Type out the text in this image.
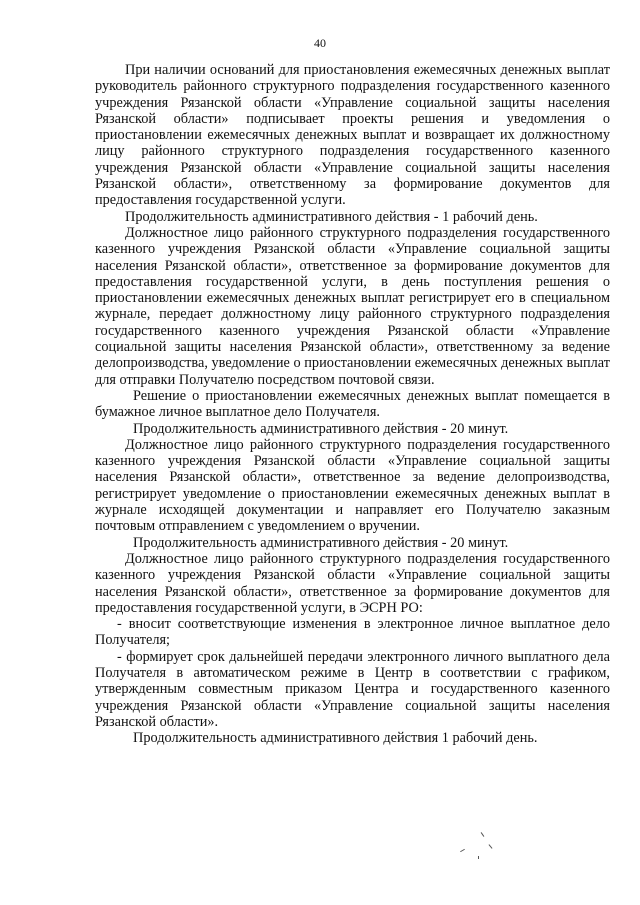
40

При наличии оснований для приостановления ежемесячных денежных выплат руководитель районного структурного подразделения государственного казенного учреждения Рязанской области «Управление социальной защиты населения Рязанской области» подписывает проекты решения и уведомления о приостановлении ежемесячных денежных выплат и возвращает их должностному лицу районного структурного подразделения государственного казенного учреждения Рязанской области «Управление социальной защиты населения Рязанской области», ответственному за формирование документов для предоставления государственной услуги.

Продолжительность административного действия - 1 рабочий день.

Должностное лицо районного структурного подразделения государственного казенного учреждения Рязанской области «Управление социальной защиты населения Рязанской области», ответственное за формирование документов для предоставления государственной услуги, в день поступления решения о приостановлении ежемесячных денежных выплат регистрирует его в специальном журнале, передает должностному лицу районного структурного подразделения государственного казенного учреждения Рязанской области «Управление социальной защиты населения Рязанской области», ответственному за ведение делопроизводства, уведомление о приостановлении ежемесячных денежных выплат для отправки Получателю посредством почтовой связи.

Решение о приостановлении ежемесячных денежных выплат помещается в бумажное личное выплатное дело Получателя.

Продолжительность административного действия - 20 минут.

Должностное лицо районного структурного подразделения государственного казенного учреждения Рязанской области «Управление социальной защиты населения Рязанской области», ответственное за ведение делопроизводства, регистрирует уведомление о приостановлении ежемесячных денежных выплат в журнале исходящей документации и направляет его Получателю заказным почтовым отправлением с уведомлением о вручении.

Продолжительность административного действия - 20 минут.

Должностное лицо районного структурного подразделения государственного казенного учреждения Рязанской области «Управление социальной защиты населения Рязанской области», ответственное за формирование документов для предоставления государственной услуги, в ЭСРН РО:

- вносит соответствующие изменения в электронное личное выплатное дело Получателя;

- формирует срок дальнейшей передачи электронного личного выплатного дела Получателя в автоматическом режиме в Центр в соответствии с графиком, утвержденным совместным приказом Центра и государственного казенного учреждения Рязанской области «Управление социальной защиты населения Рязанской области».

Продолжительность административного действия 1 рабочий день.
